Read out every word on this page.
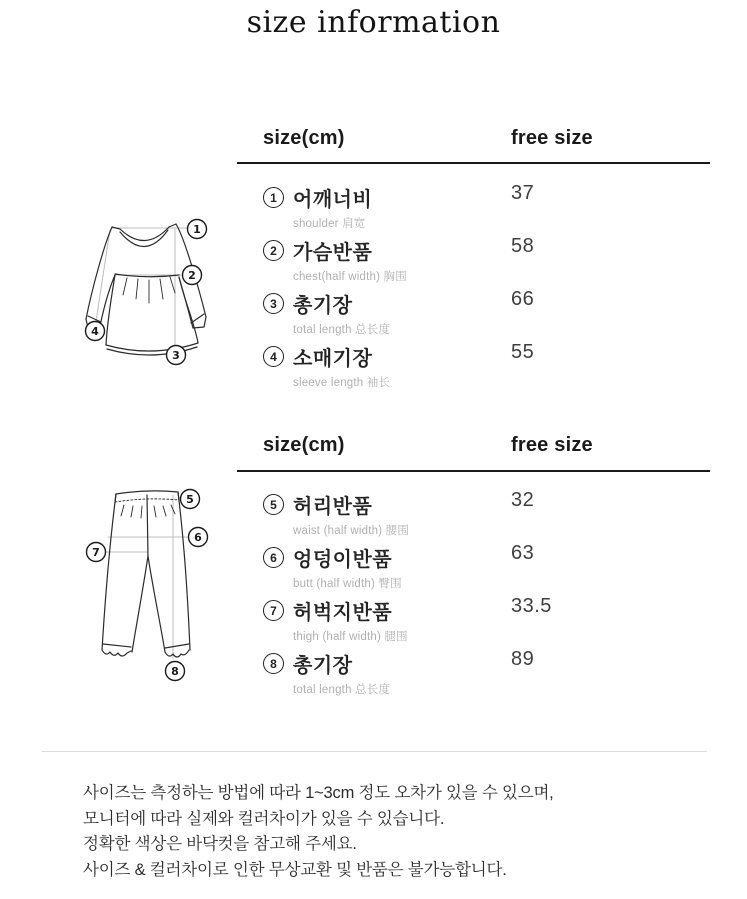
size information
1
2
3
4
5
6
7
8
size(cm)	free size
1 어깨너비
shoulder 肩宽
37
2 가슴반품
chest(half width) 胸围
58
3 총기장
total length 总长度
66
4 소매기장
sleeve length 袖长
55
size(cm)	free size
5 허리반품
waist (half width) 腰围
32
6 엉덩이반품
butt (half width) 臀围
63
7 허벅지반품
thigh (half width) 腿围
33.5
8 총기장
total length 总长度
89
사이즈는 측정하는 방법에 따라 1~3cm 정도 오차가 있을 수 있으며,
모니터에 따라 실제와 컬러차이가 있을 수 있습니다.
정확한 색상은 바닥컷을 참고해 주세요.
사이즈 & 컬러차이로 인한 무상교환 및 반품은 불가능합니다.
